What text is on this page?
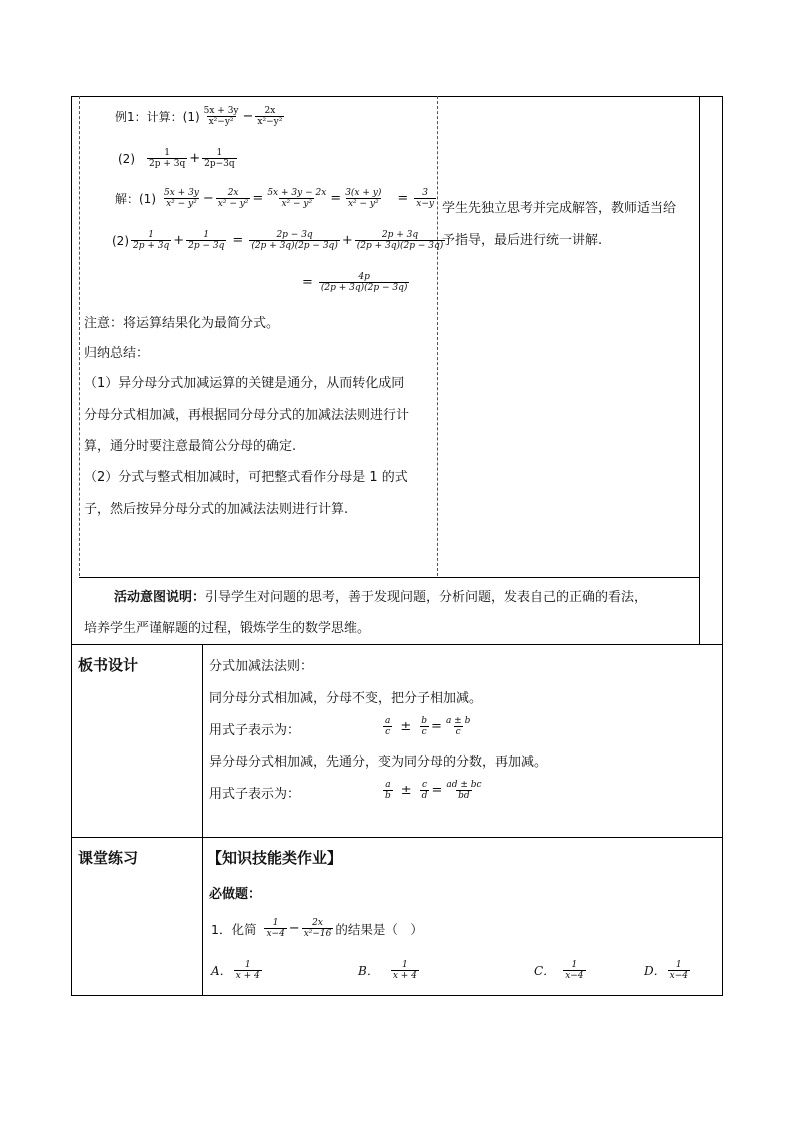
例1：计算：$(1) \frac{5x + 3y}{\text{x²−y²}} - \frac{2x}{\text{x²−y²}}$
$(2) \frac{1}{2p + 3q} + \frac{1}{2p-3q}$
解：$(1) \frac{5x + 3y}{\text{x² − y²}} - \frac{2x}{\text{x² − y²}} = \frac{5x + 3y - 2x}{\text{x² − y²}} = \frac{3(x + y)}{\text{x² − y²}} = \frac{3}{x-y}$
$(2) \frac{1}{2p + 3q} + \frac{1}{2p - 3q} = \frac{2p - 3q}{(2p + 3q)(2p - 3q)} + \frac{2p + 3q}{(2p + 3q)(2p - 3q)}$
= $\frac{4p}{(2p + 3q)(2p - 3q)}$
注意：将运算结果化为最简分式。
归纳总结：
（1）异分母分式加减运算的关键是通分，从而转化成同
分母分式相加减，再根据同分母分式的加减法法则进行计
算，通分时要注意最简公分母的确定.
（2）分式与整式相加减时，可把整式看作分母是 1 的式
子，然后按异分母分式的加减法法则进行计算.
学生先独立思考并完成解答，教师适当给
予指导，最后进行统一讲解.
活动意图说明：引导学生对问题的思考，善于发现问题，分析问题，发表自己的正确的看法，
培养学生严谨解题的过程，锻炼学生的数学思维。
板书设计	分式加减法法则：
同分母分式相加减，分母不变，把分子相加减。
用式子表示为：	$\frac{a}{c} \pm \frac{b}{c} = \frac{a \pm b}{c}$
异分母分式相加减，先通分，变为同分母的分数，再加减。
用式子表示为：	$\frac{a}{b} \pm \frac{c}{d} = \frac{ad \pm bc}{bd}$
课堂练习	【知识技能类作业】
必做题：
1．化简 $\frac{1}{x-4} - \frac{2x}{\text{x²−16}}$ 的结果是（　）
A． $\frac{1}{x + 4}$	B． $\frac{1}{x + 4}$	C． $\frac{1}{x-4}$	D． $\frac{1}{x-4}$
